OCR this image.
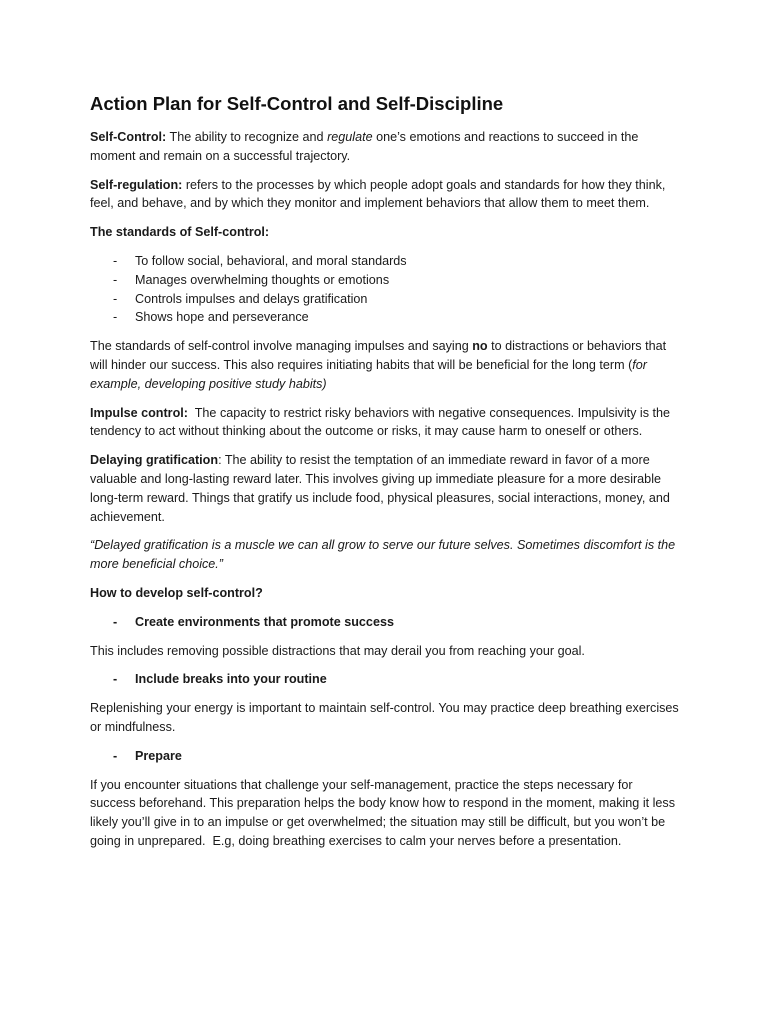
Action Plan for Self-Control and Self-Discipline

Self-Control: The ability to recognize and regulate one’s emotions and reactions to succeed in the moment and remain on a successful trajectory.

Self-regulation: refers to the processes by which people adopt goals and standards for how they think, feel, and behave, and by which they monitor and implement behaviors that allow them to meet them.

The standards of Self-control:

- To follow social, behavioral, and moral standards
- Manages overwhelming thoughts or emotions
- Controls impulses and delays gratification
- Shows hope and perseverance

The standards of self-control involve managing impulses and saying no to distractions or behaviors that will hinder our success. This also requires initiating habits that will be beneficial for the long term (for example, developing positive study habits)

Impulse control:  The capacity to restrict risky behaviors with negative consequences. Impulsivity is the tendency to act without thinking about the outcome or risks, it may cause harm to oneself or others.

Delaying gratification: The ability to resist the temptation of an immediate reward in favor of a more valuable and long-lasting reward later. This involves giving up immediate pleasure for a more desirable long-term reward. Things that gratify us include food, physical pleasures, social interactions, money, and achievement.

“Delayed gratification is a muscle we can all grow to serve our future selves. Sometimes discomfort is the more beneficial choice.”

How to develop self-control?

- Create environments that promote success

This includes removing possible distractions that may derail you from reaching your goal.

- Include breaks into your routine

Replenishing your energy is important to maintain self-control. You may practice deep breathing exercises or mindfulness.

- Prepare

If you encounter situations that challenge your self-management, practice the steps necessary for success beforehand. This preparation helps the body know how to respond in the moment, making it less likely you’ll give in to an impulse or get overwhelmed; the situation may still be difficult, but you won’t be going in unprepared.  E.g, doing breathing exercises to calm your nerves before a presentation.
